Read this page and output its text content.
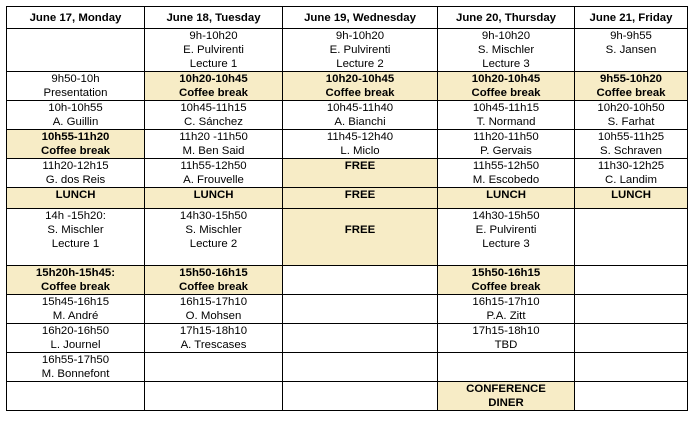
June 17, Monday	June 18, Tuesday	June 19, Wednesday	June 20, Thursday	June 21, Friday

	9h-10h20
E. Pulvirenti
Lecture 1	9h-10h20
E. Pulvirenti
Lecture 2	9h-10h20
S. Mischler
Lecture 3	9h-9h55
S. Jansen

9h50-10h
Presentation	10h20-10h45
Coffee break	10h20-10h45
Coffee break	10h20-10h45
Coffee break	9h55-10h20
Coffee break

10h-10h55
A. Guillin	10h45-11h15
C. Sánchez	10h45-11h40
A. Bianchi	10h45-11h15
T. Normand	10h20-10h50
S. Farhat

10h55-11h20
Coffee break	11h20 -11h50
M. Ben Said	11h45-12h40
L. Miclo	11h20-11h50
P. Gervais	10h55-11h25
S. Schraven

11h20-12h15
G. dos Reis	11h55-12h50
A. Frouvelle	FREE	11h55-12h50
M. Escobedo	11h30-12h25
C. Landim

LUNCH	LUNCH	FREE	LUNCH	LUNCH

14h -15h20:
S. Mischler
Lecture 1	14h30-15h50
S. Mischler
Lecture 2	FREE	14h30-15h50
E. Pulvirenti
Lecture 3	

15h20h-15h45:
Coffee break	15h50-16h15
Coffee break		15h50-16h15
Coffee break	

15h45-16h15
M. André	16h15-17h10
O. Mohsen		16h15-17h10
P.A. Zitt	

16h20-16h50
L. Journel	17h15-18h10
A. Trescases		17h15-18h10
TBD	

16h55-17h50
M. Bonnefont				

			CONFERENCE
DINER	
